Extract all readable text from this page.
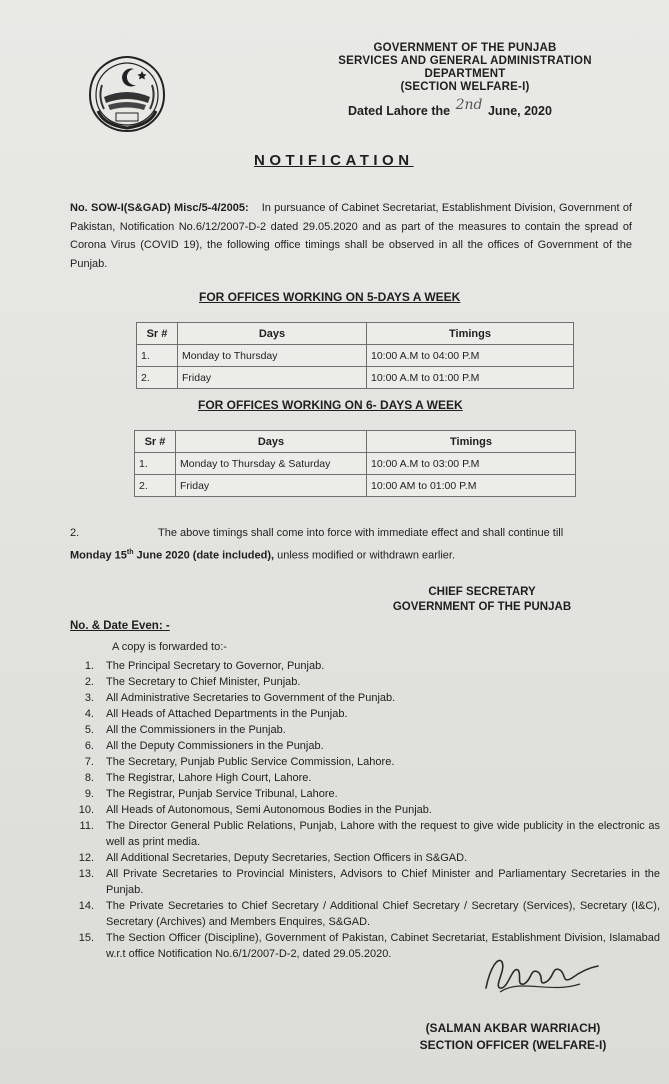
GOVERNMENT OF THE PUNJAB
SERVICES AND GENERAL ADMINISTRATION
DEPARTMENT
(SECTION WELFARE-I)
Dated Lahore the 2nd June, 2020
NOTIFICATION
No. SOW-I(S&GAD) Misc/5-4/2005: In pursuance of Cabinet Secretariat, Establishment Division, Government of Pakistan, Notification No.6/12/2007-D-2 dated 29.05.2020 and as part of the measures to contain the spread of Corona Virus (COVID 19), the following office timings shall be observed in all the offices of Government of the Punjab.
FOR OFFICES WORKING ON 5-DAYS A WEEK
Sr #	Days	Timings
1.	Monday to Thursday	10:00 A.M to 04:00 P.M
2.	Friday	10:00 A.M to 01:00 P.M
FOR OFFICES WORKING ON 6- DAYS A WEEK
Sr #	Days	Timings
1.	Monday to Thursday & Saturday	10:00 A.M to 03:00 P.M
2.	Friday	10:00 AM to 01:00 P.M
2.	The above timings shall come into force with immediate effect and shall continue till
Monday 15th June 2020 (date included), unless modified or withdrawn earlier.
CHIEF SECRETARY
GOVERNMENT OF THE PUNJAB
No. & Date Even: -
A copy is forwarded to:-
1. The Principal Secretary to Governor, Punjab.
2. The Secretary to Chief Minister, Punjab.
3. All Administrative Secretaries to Government of the Punjab.
4. All Heads of Attached Departments in the Punjab.
5. All the Commissioners in the Punjab.
6. All the Deputy Commissioners in the Punjab.
7. The Secretary, Punjab Public Service Commission, Lahore.
8. The Registrar, Lahore High Court, Lahore.
9. The Registrar, Punjab Service Tribunal, Lahore.
10. All Heads of Autonomous, Semi Autonomous Bodies in the Punjab.
11. The Director General Public Relations, Punjab, Lahore with the request to give wide publicity in the electronic as well as print media.
12. All Additional Secretaries, Deputy Secretaries, Section Officers in S&GAD.
13. All Private Secretaries to Provincial Ministers, Advisors to Chief Minister and Parliamentary Secretaries in the Punjab.
14. The Private Secretaries to Chief Secretary / Additional Chief Secretary / Secretary (Services), Secretary (I&C), Secretary (Archives) and Members Enquires, S&GAD.
15. The Section Officer (Discipline), Government of Pakistan, Cabinet Secretariat, Establishment Division, Islamabad w.r.t office Notification No.6/1/2007-D-2, dated 29.05.2020.
(SALMAN AKBAR WARRIACH)
SECTION OFFICER (WELFARE-I)
